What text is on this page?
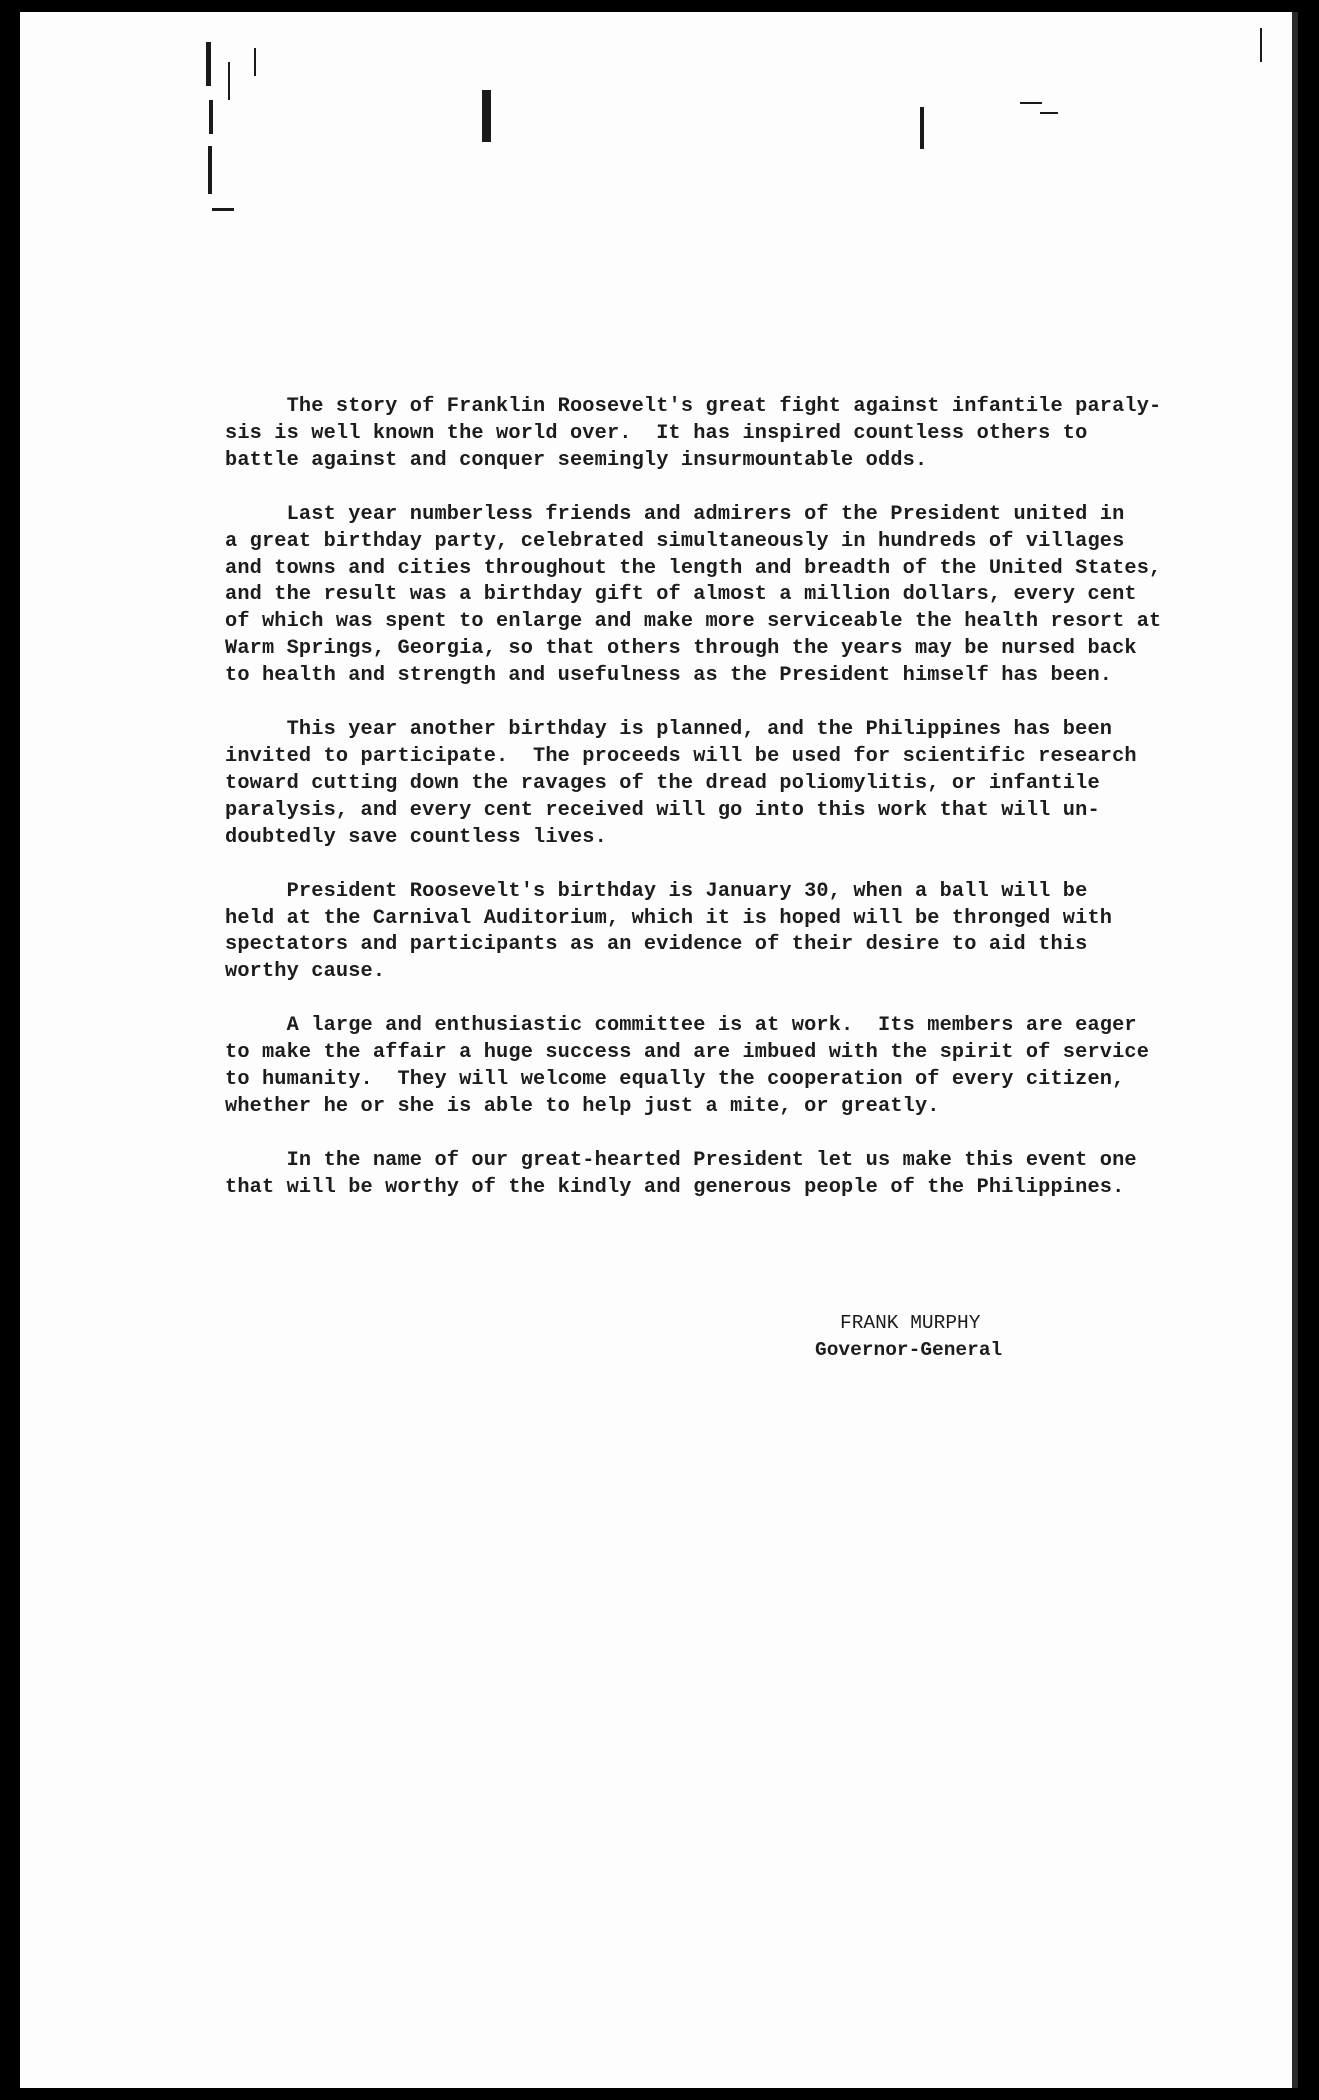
The story of Franklin Roosevelt's great fight against infantile paraly-
sis is well known the world over.  It has inspired countless others to
battle against and conquer seemingly insurmountable odds.

Last year numberless friends and admirers of the President united in
a great birthday party, celebrated simultaneously in hundreds of villages
and towns and cities throughout the length and breadth of the United States,
and the result was a birthday gift of almost a million dollars, every cent
of which was spent to enlarge and make more serviceable the health resort at
Warm Springs, Georgia, so that others through the years may be nursed back
to health and strength and usefulness as the President himself has been.

This year another birthday is planned, and the Philippines has been
invited to participate.  The proceeds will be used for scientific research
toward cutting down the ravages of the dread poliomylitis, or infantile
paralysis, and every cent received will go into this work that will un-
doubtedly save countless lives.

President Roosevelt's birthday is January 30, when a ball will be
held at the Carnival Auditorium, which it is hoped will be thronged with
spectators and participants as an evidence of their desire to aid this
worthy cause.

A large and enthusiastic committee is at work.  Its members are eager
to make the affair a huge success and are imbued with the spirit of service
to humanity.  They will welcome equally the cooperation of every citizen,
whether he or she is able to help just a mite, or greatly.

In the name of our great-hearted President let us make this event one
that will be worthy of the kindly and generous people of the Philippines.

FRANK MURPHY
Governor-General
